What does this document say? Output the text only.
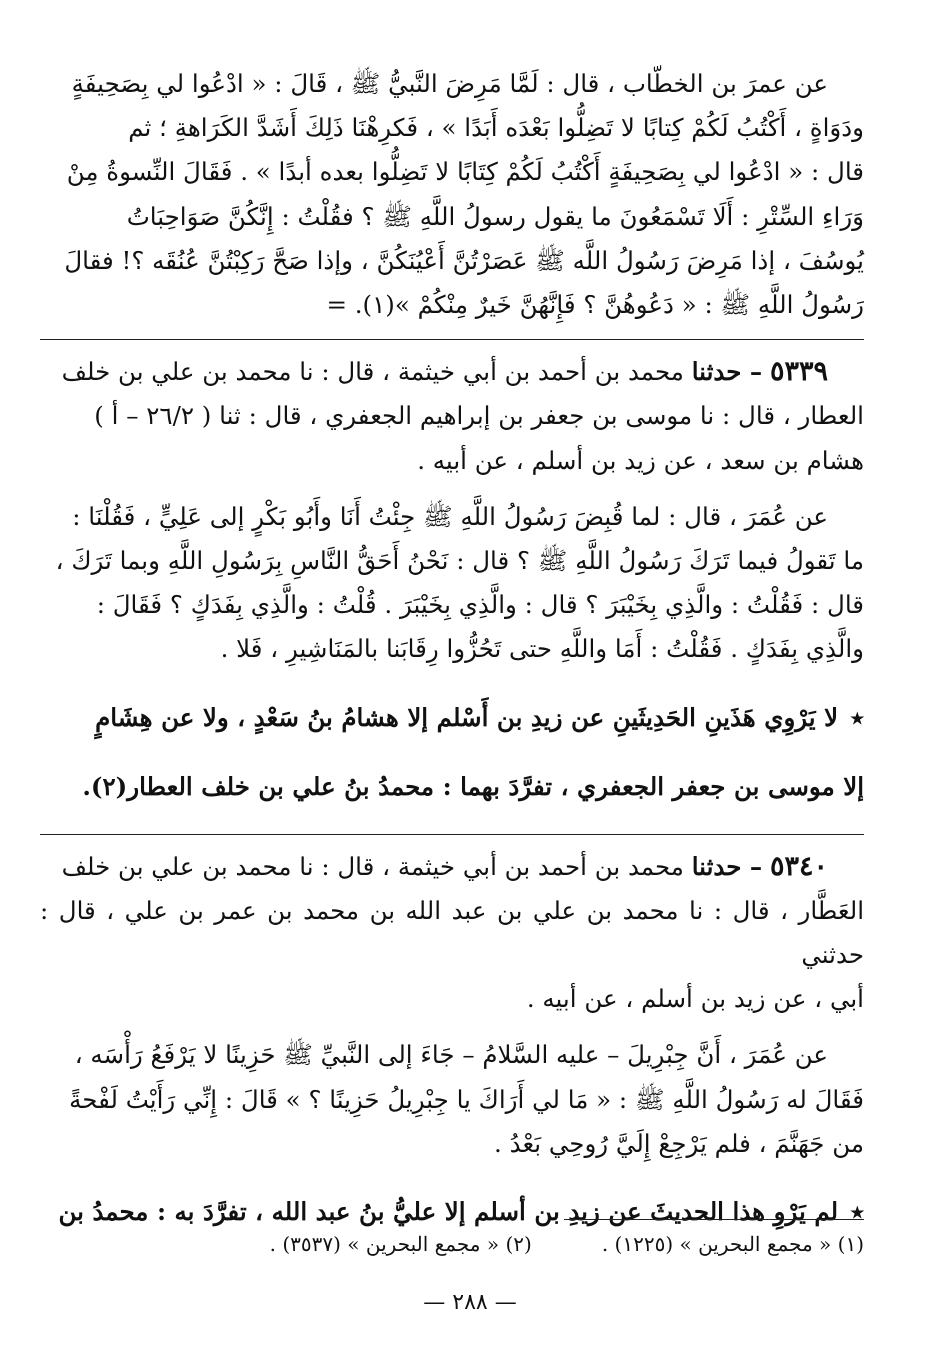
عن عمرَ بن الخطّاب ، قال : لَمَّا مَرِضَ النَّبيُّ ﷺ ، قَالَ : « ادْعُوا لي بِصَحِيفَةٍ

ودَوَاةٍ ، أَكْتُبُ لَكُمْ كِتابًا لا تَضِلُّوا بَعْدَه أَبَدًا » ، فَكرِهْنَا ذَلِكَ أَشَدَّ الكَرَاهةِ ؛ ثم

قال : « ادْعُوا لي بِصَحِيفَةٍ أَكْتُبُ لَكُمْ كِتَابًا لا تَضِلُّوا بعده أبدًا » . فَقَالَ النِّسوةُ مِنْ

وَرَاءِ السِّتْرِ : أَلَا تَسْمَعُونَ ما يقول رسولُ اللَّهِ ﷺ ؟ فقُلْتُ : إِنَّكُنَّ صَوَاحِبَاتُ

يُوسُفَ ، إذا مَرِضَ رَسُولُ اللَّه ﷺ عَصَرْتُنَّ أَعْيُنَكُنَّ ، وإذا صَحَّ رَكِبْتُنَّ عُنُقَه ؟! فقالَ

رَسُولُ اللَّهِ ﷺ : « دَعُوهُنَّ ؟ فَإِنَّهُنَّ خَيرٌ مِنْكُمْ »(١). =

٥٣٣٩ – حدثنا محمد بن أحمد بن أبي خيثمة ، قال : نا محمد بن علي بن خلف

العطار ، قال : نا موسى بن جعفر بن إبراهيم الجعفري ، قال : ثنا ( ٢٦/٢ – أ )

هشام بن سعد ، عن زيد بن أسلم ، عن أبيه .

عن عُمَرَ ، قال : لما قُبِضَ رَسُولُ اللَّهِ ﷺ جِئْتُ أَنَا وأَبُو بَكْرٍ إلى عَلِيٍّ ، فَقُلْنَا :

ما تَقولُ فيما تَرَكَ رَسُولُ اللَّهِ ﷺ ؟ قال : نَحْنُ أَحَقُّ النَّاسِ بِرَسُولِ اللَّهِ وبما تَرَكَ ،

قال : فَقُلْتُ : والَّذِي بِخَيْبَرَ ؟ قال : والَّذِي بِخَيْبَرَ . قُلْتُ : والَّذِي بِفَدَكٍ ؟ فَقَالَ :

والَّذِي بِفَدَكٍ . فَقُلْتُ : أَمَا واللَّهِ حتى تَحُزُّوا رِقَابَنا بالمَنَاشِيرِ ، فَلا .

٭ لا يَرْوِي هَذَينِ الحَدِيثَينِ عن زيدِ بن أَسْلم إلا هشامُ بنُ سَعْدٍ ، ولا عن هِشَامٍ

إلا موسى بن جعفر الجعفري ، تفرَّدَ بهما : محمدُ بنُ علي بن خلف العطار(٢).

٥٣٤٠ – حدثنا محمد بن أحمد بن أبي خيثمة ، قال : نا محمد بن علي بن خلف

العَطَّار ، قال : نا محمد بن علي بن عبد الله بن محمد بن عمر بن علي ، قال : حدثني

أبي ، عن زيد بن أسلم ، عن أبيه .

عن عُمَرَ ، أَنَّ جِبْرِيلَ – عليه السَّلامُ – جَاءَ إلى النَّبيِّ ﷺ حَزِينًا لا يَرْفَعُ رَأْسَه ،

فَقَالَ له رَسُولُ اللَّهِ ﷺ : « مَا لي أَرَاكَ يا جِبْرِيلُ حَزِينًا ؟ » قَالَ : إِنِّي رَأَيْتُ لَفْحةً

من جَهَنَّمَ ، فلم يَرْجِعْ إِلَيَّ رُوحِي بَعْدُ .

٭ لم يَرْوِ هذا الحديثَ عن زيدِ بن أسلم إلا عليُّ بنُ عبد الله ، تفرَّدَ به : محمدُ بن

(١) « مجمع البحرين » (١٢٢٥) .
(٢) « مجمع البحرين » (٣٥٣٧) .
— ٢٨٨ —
